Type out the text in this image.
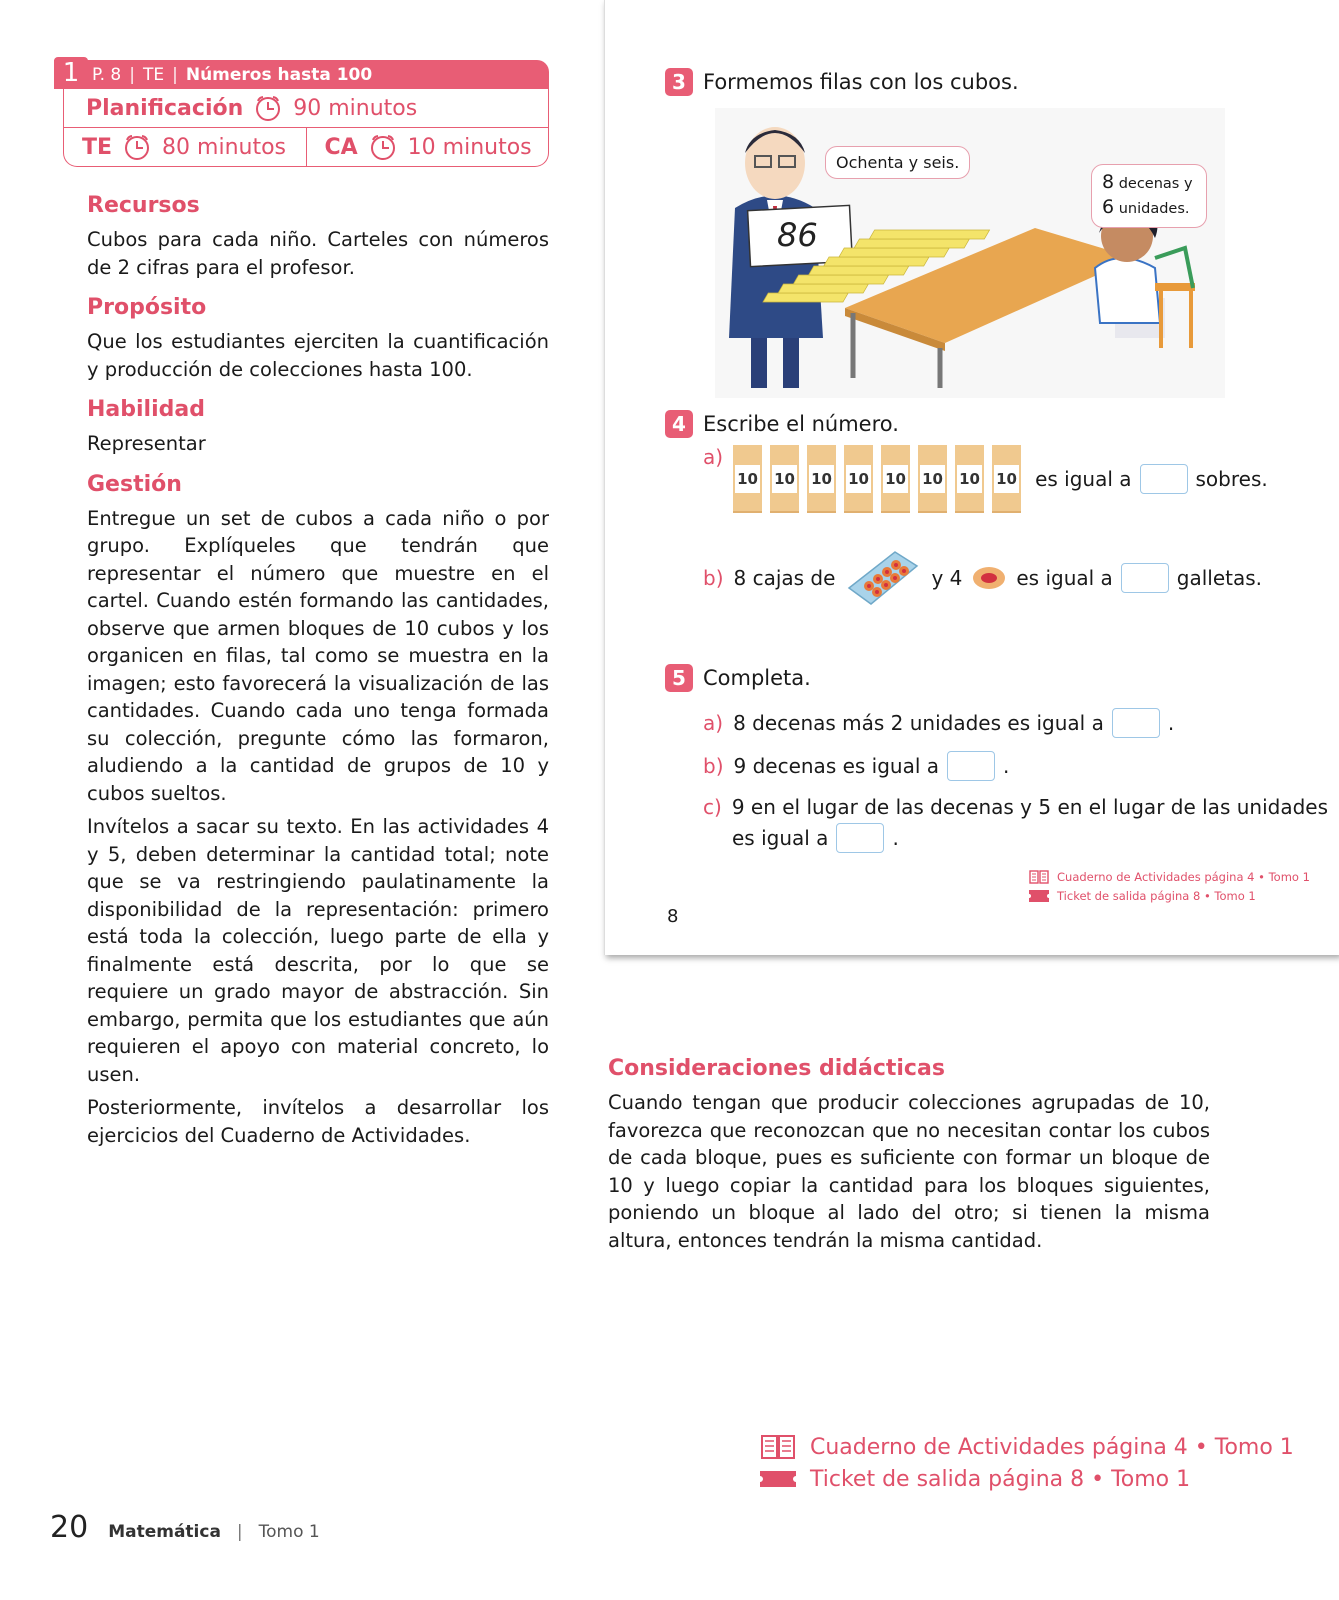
1 P. 8 | TE | Números hasta 100
Planificación 90 minutos
TE 80 minutos CA 10 minutos
Recursos

Cubos para cada niño. Carteles con números de 2 cifras para el profesor.

Propósito

Que los estudiantes ejerciten la cuantificación y producción de colecciones hasta 100.

Habilidad

Representar

Gestión

Entregue un set de cubos a cada niño o por grupo. Explíqueles que tendrán que representar el número que muestre en el cartel. Cuando estén formando las cantidades, observe que armen bloques de 10 cubos y los organicen en filas, tal como se muestra en la imagen; esto favorecerá la visualización de las cantidades. Cuando cada uno tenga formada su colección, pregunte cómo las formaron, aludiendo a la cantidad de grupos de 10 y cubos sueltos.

Invítelos a sacar su texto. En las actividades 4 y 5, deben determinar la cantidad total; note que se va restringiendo paulatinamente la disponibilidad de la representación: primero está toda la colección, luego parte de ella y finalmente está descrita, por lo que se requiere un grado mayor de abstracción. Sin embargo, permita que los estudiantes que aún requieren el apoyo con material concreto, lo usen.

Posteriormente, invítelos a desarrollar los ejercicios del Cuaderno de Actividades.

3 Formemos filas con los cubos.
86
Ochenta y seis.
8 decenas y
6 unidades.
4 Escribe el número.
a)
10 10 10 10 10 10 10 10 es igual a	sobres.
b) 8 cajas de	y 4	es igual a	galletas.
5 Completa.
a) 8 decenas más 2 unidades es igual a	.
b) 9 decenas es igual a	.
c) 9 en el lugar de las decenas y 5 en el lugar de las unidades
es igual a	.
Cuaderno de Actividades página 4 • Tomo 1
Ticket de salida página 8 • Tomo 1
8
Consideraciones didácticas

Cuando tengan que producir colecciones agrupadas de 10, favorezca que reconozcan que no necesitan contar los cubos de cada bloque, pues es suficiente con formar un bloque de 10 y luego copiar la cantidad para los bloques siguientes, poniendo un bloque al lado del otro; si tienen la misma altura, entonces tendrán la misma cantidad.

Cuaderno de Actividades página 4 • Tomo 1
Ticket de salida página 8 • Tomo 1
20 Matemática | Tomo 1
